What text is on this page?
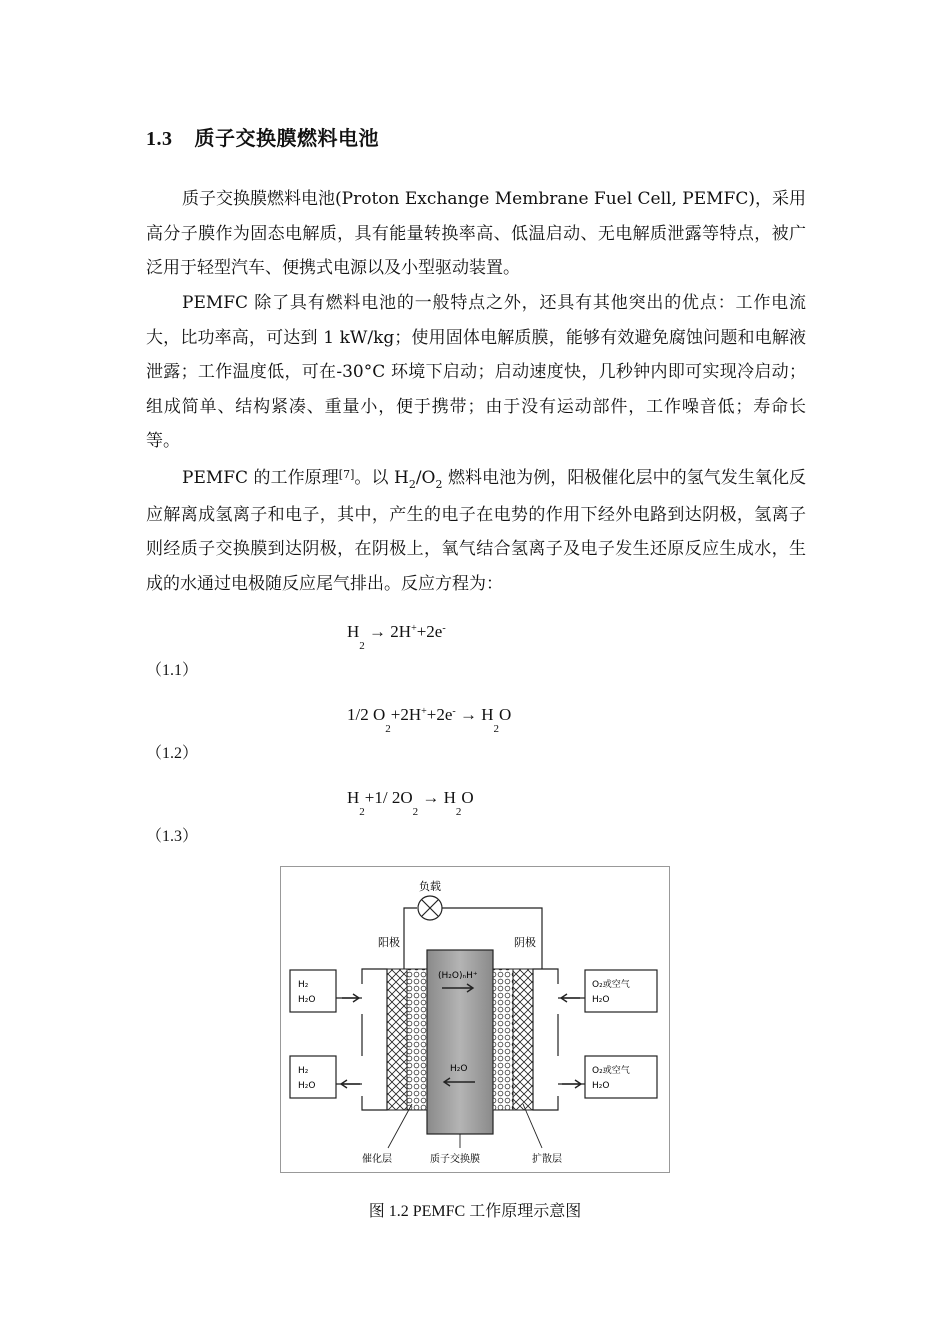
1.3 质子交换膜燃料电池
质子交换膜燃料电池(Proton Exchange Membrane Fuel Cell, PEMFC)，采用高分子膜作为固态电解质，具有能量转换率高、低温启动、无电解质泄露等特点，被广泛用于轻型汽车、便携式电源以及小型驱动装置。
PEMFC 除了具有燃料电池的一般特点之外，还具有其他突出的优点：工作电流大，比功率高，可达到 1 kW/kg；使用固体电解质膜，能够有效避免腐蚀问题和电解液泄露；工作温度低，可在-30°C 环境下启动；启动速度快，几秒钟内即可实现冷启动；组成简单、结构紧凑、重量小，便于携带；由于没有运动部件，工作噪音低；寿命长等。
PEMFC 的工作原理[7]。以 $H_2/O_2$ 燃料电池为例，阳极催化层中的氢气发生氧化反应解离成氢离子和电子，其中，产生的电子在电势的作用下经外电路到达阴极，氢离子则经质子交换膜到达阴极，在阴极上，氧气结合氢离子及电子发生还原反应生成水，生成的水通过电极随反应尾气排出。反应方程为：
$H_2 \to 2H^++2e^-$
（1.1）
1/2 $O_2+2H^++2e^- \to H_2O$
（1.2）
$H_2+1/$ $2O_2 \to H_2O$
（1.3）
负载
阳极	阴极
H₂
H₂O
H₂
H₂O
(H₂O)ₙH⁺
H₂O
O₂或空气
H₂O
O₂或空气
H₂O
催化层	质子交换膜	扩散层
图 1.2 PEMFC 工作原理示意图
